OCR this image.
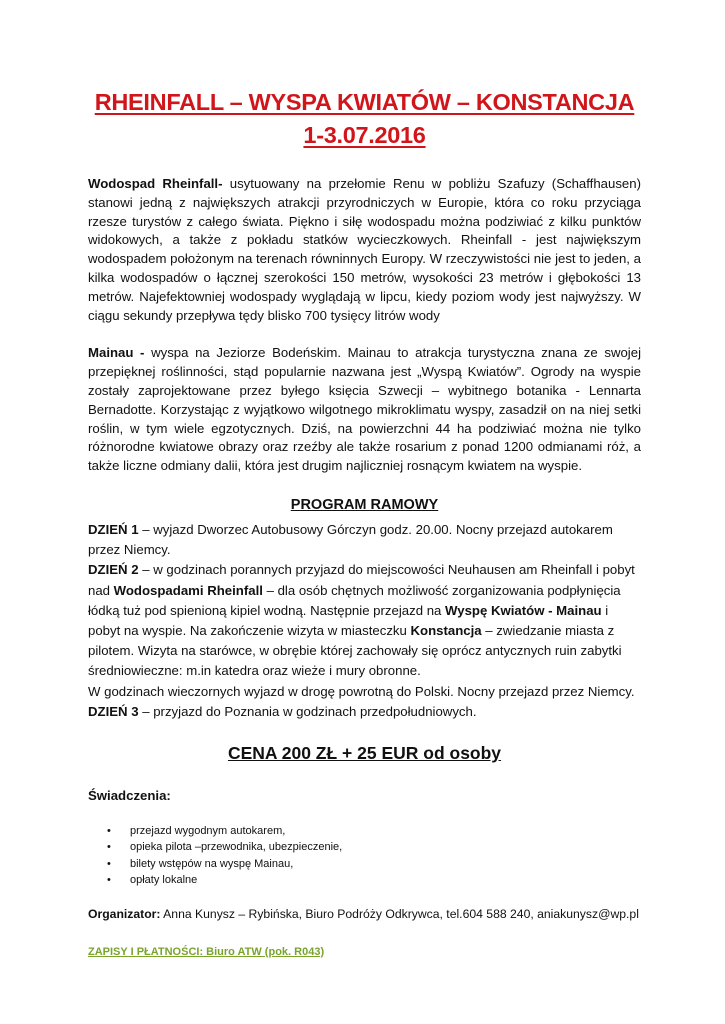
RHEINFALL – WYSPA KWIATÓW – KONSTANCJA
1-3.07.2016

Wodospad Rheinfall- usytuowany na przełomie Renu w pobliżu Szafuzy (Schaffhausen) stanowi jedną z największych atrakcji przyrodniczych w Europie, która co roku przyciąga rzesze turystów z całego świata. Piękno i siłę wodospadu można podziwiać z kilku punktów widokowych, a także z pokładu statków wycieczkowych. Rheinfall - jest największym wodospadem położonym na terenach równinnych Europy. W rzeczywistości nie jest to jeden, a kilka wodospadów o łącznej szerokości 150 metrów, wysokości 23 metrów i głębokości 13 metrów. Najefektowniej wodospady wyglądają w lipcu, kiedy poziom wody jest najwyższy. W ciągu sekundy przepływa tędy blisko 700 tysięcy litrów wody

Mainau - wyspa na Jeziorze Bodeńskim. Mainau to atrakcja turystyczna znana ze swojej przepięknej roślinności, stąd popularnie nazwana jest „Wyspą Kwiatów”. Ogrody na wyspie zostały zaprojektowane przez byłego księcia Szwecji – wybitnego botanika - Lennarta Bernadotte. Korzystając z wyjątkowo wilgotnego mikroklimatu wyspy, zasadził on na niej setki roślin, w tym wiele egzotycznych. Dziś, na powierzchni 44 ha podziwiać można nie tylko różnorodne kwiatowe obrazy oraz rzeźby ale także rosarium z ponad 1200 odmianami róż, a także liczne odmiany dalii, która jest drugim najliczniej rosnącym kwiatem na wyspie.

PROGRAM RAMOWY

DZIEŃ 1 – wyjazd Dworzec Autobusowy Górczyn godz. 20.00. Nocny przejazd autokarem przez Niemcy.

DZIEŃ 2 – w godzinach porannych przyjazd do miejscowości Neuhausen am Rheinfall i pobyt nad Wodospadami Rheinfall – dla osób chętnych możliwość zorganizowania podpłynięcia łódką tuż pod spienioną kipiel wodną. Następnie przejazd na Wyspę Kwiatów - Mainau i pobyt na wyspie. Na zakończenie wizyta w miasteczku Konstancja – zwiedzanie miasta z pilotem. Wizyta na starówce, w obrębie której zachowały się oprócz antycznych ruin zabytki średniowieczne: m.in katedra oraz wieże i mury obronne.

W godzinach wieczornych wyjazd w drogę powrotną do Polski. Nocny przejazd przez Niemcy.

DZIEŃ 3 – przyjazd do Poznania w godzinach przedpołudniowych.

CENA 200 ZŁ + 25 EUR od osoby
Świadczenia:
• przejazd wygodnym autokarem,
• opieka pilota –przewodnika, ubezpieczenie,
• bilety wstępów na wyspę Mainau,
• opłaty lokalne

Organizator: Anna Kunysz – Rybińska, Biuro Podróży Odkrywca, tel.604 588 240, aniakunysz@wp.pl

ZAPISY I PŁATNOŚCI: Biuro ATW (pok. R043)
